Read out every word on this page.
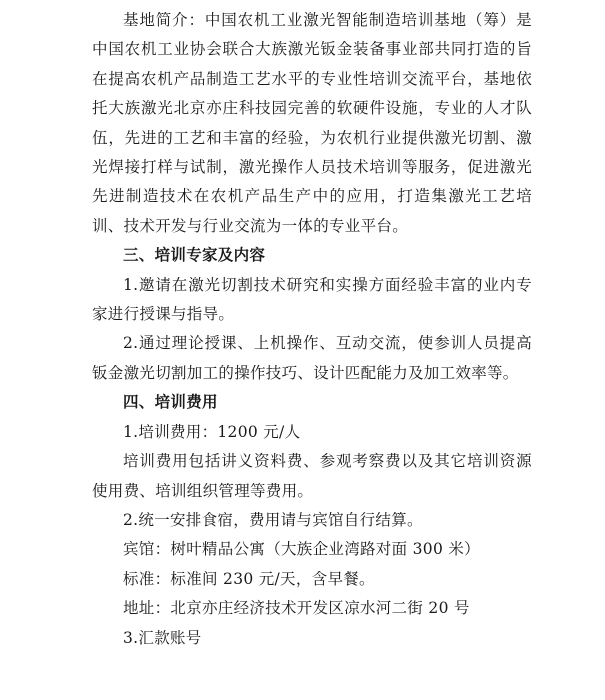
基地简介：中国农机工业激光智能制造培训基地（筹）是中国农机工业协会联合大族激光钣金装备事业部共同打造的旨在提高农机产品制造工艺水平的专业性培训交流平台，基地依托大族激光北京亦庄科技园完善的软硬件设施，专业的人才队伍，先进的工艺和丰富的经验，为农机行业提供激光切割、激光焊接打样与试制，激光操作人员技术培训等服务，促进激光先进制造技术在农机产品生产中的应用，打造集激光工艺培训、技术开发与行业交流为一体的专业平台。

三、培训专家及内容

1.邀请在激光切割技术研究和实操方面经验丰富的业内专家进行授课与指导。

2.通过理论授课、上机操作、互动交流，使参训人员提高钣金激光切割加工的操作技巧、设计匹配能力及加工效率等。

四、培训费用

1.培训费用：1200 元/人

培训费用包括讲义资料费、参观考察费以及其它培训资源使用费、培训组织管理等费用。

2.统一安排食宿，费用请与宾馆自行结算。

宾馆：树叶精品公寓（大族企业湾路对面 300 米）

标准：标准间 230 元/天，含早餐。

地址：北京亦庄经济技术开发区凉水河二街 20 号

3.汇款账号
